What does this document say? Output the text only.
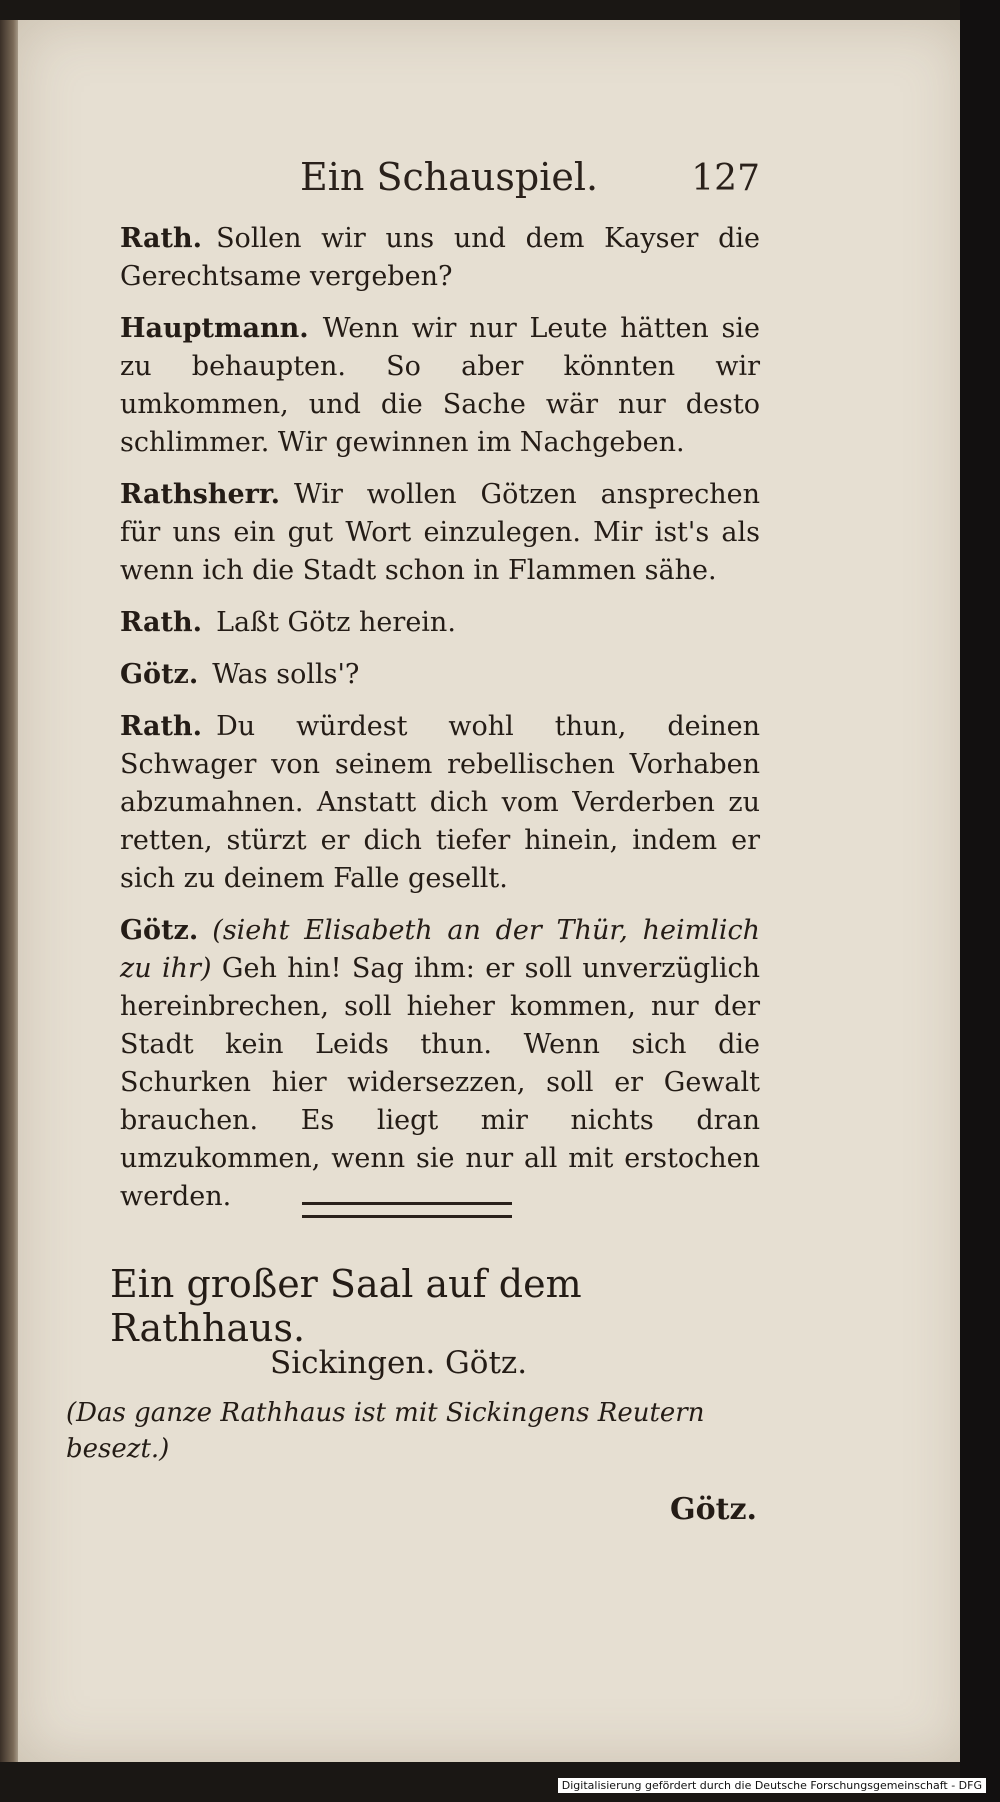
Ein Schauspiel.	127

Rath. Sollen wir uns und dem Kayser die Gerechtsame vergeben?

Hauptmann. Wenn wir nur Leute hätten sie zu behaupten. So aber könnten wir umkommen, und die Sache wär nur desto schlimmer. Wir gewinnen im Nachgeben.

Rathsherr. Wir wollen Götzen ansprechen für uns ein gut Wort einzulegen. Mir ist's als wenn ich die Stadt schon in Flammen sähe.

Rath. Laßt Götz herein.

Götz. Was solls'?

Rath. Du würdest wohl thun, deinen Schwager von seinem rebellischen Vorhaben abzumahnen. Anstatt dich vom Verderben zu retten, stürzt er dich tiefer hinein, indem er sich zu deinem Falle gesellt.

Götz. (sieht Elisabeth an der Thür, heimlich zu ihr) Geh hin! Sag ihm: er soll unverzüglich hereinbrechen, soll hieher kommen, nur der Stadt kein Leids thun. Wenn sich die Schurken hier widersezzen, soll er Gewalt brauchen. Es liegt mir nichts dran umzukommen, wenn sie nur all mit erstochen werden.

Ein großer Saal auf dem Rathhaus.
Sickingen. Götz.
(Das ganze Rathhaus ist mit Sickingens Reutern besezt.)
Götz.
Digitalisierung gefördert durch die Deutsche Forschungsgemeinschaft - DFG
